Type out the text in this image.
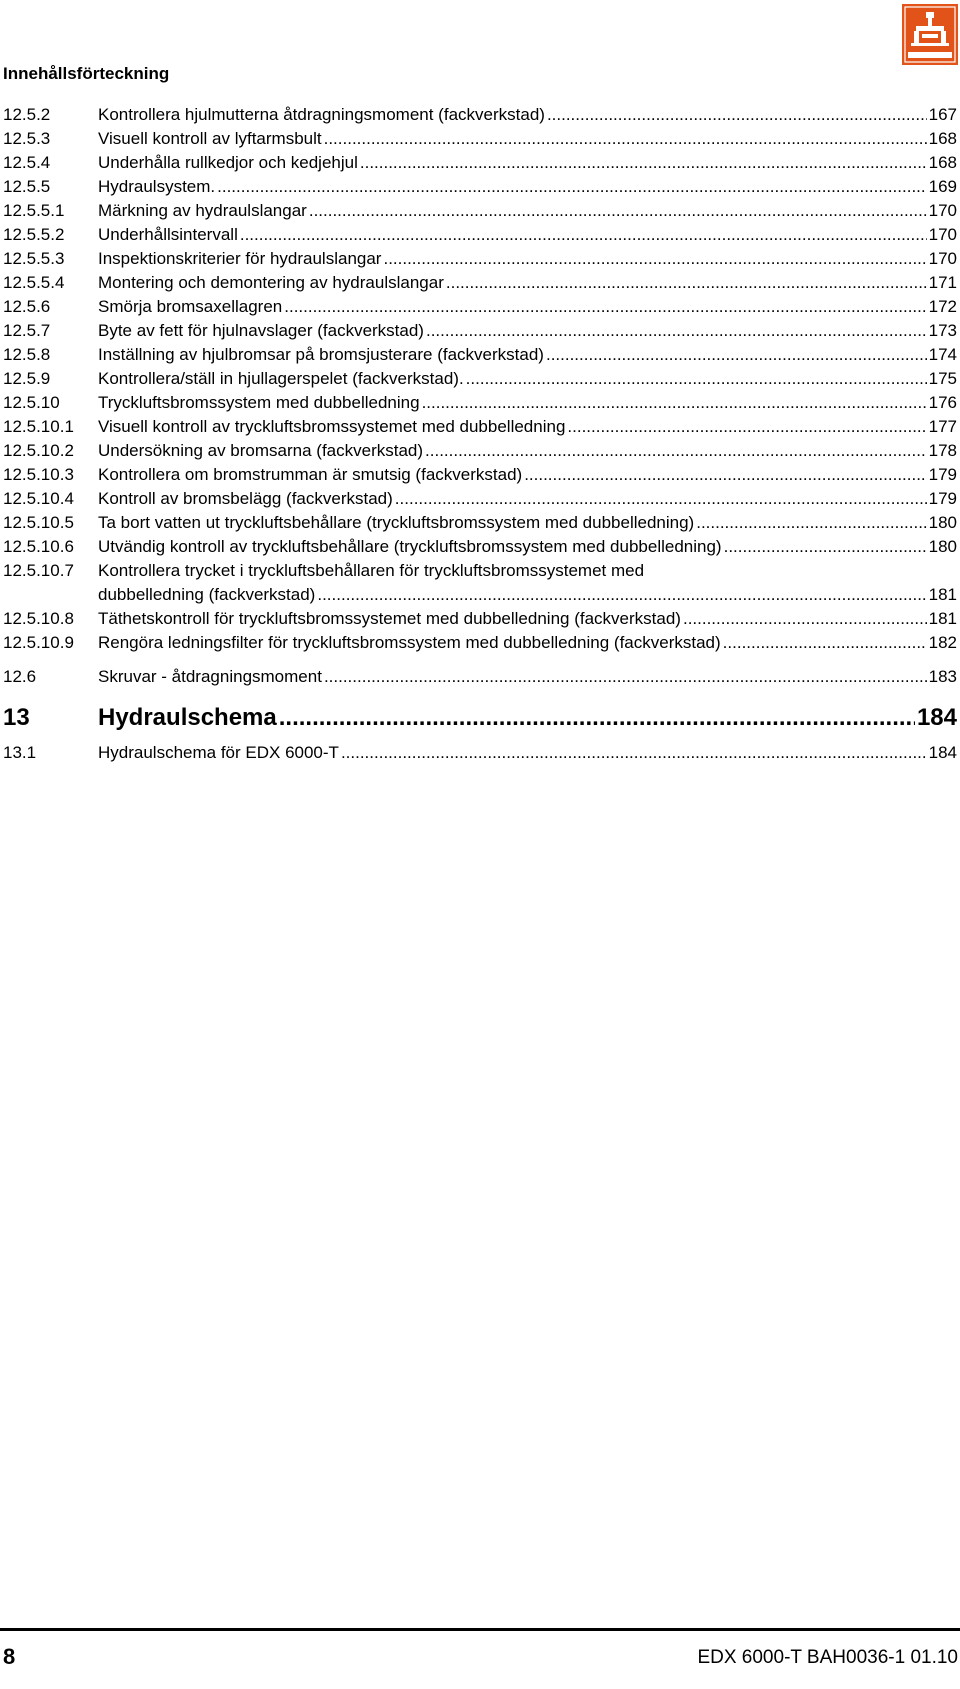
Innehållsförteckning
12.5.2	Kontrollera hjulmutterna åtdragningsmoment (fackverkstad) .....	167
12.5.3	Visuell kontroll av lyftarmsbult .....	168
12.5.4	Underhålla rullkedjor och kedjehjul .....	168
12.5.5	Hydraulsystem. .....	169
12.5.5.1 Märkning av hydraulslangar .....	170
12.5.5.2 Underhållsintervall .....	170
12.5.5.3 Inspektionskriterier för hydraulslangar .....	170
12.5.5.4 Montering och demontering av hydraulslangar .....	171
12.5.6	Smörja bromsaxellagren .....	172
12.5.7	Byte av fett för hjulnavslager (fackverkstad) .....	173
12.5.8	Inställning av hjulbromsar på bromsjusterare (fackverkstad) .....	174
12.5.9	Kontrollera/ställ in hjullagerspelet (fackverkstad). .....	175
12.5.10 Tryckluftsbromssystem med dubbelledning .....	176
12.5.10.1 Visuell kontroll av tryckluftsbromssystemet med dubbelledning .....	177
12.5.10.2 Undersökning av bromsarna (fackverkstad) .....	178
12.5.10.3 Kontrollera om bromstrumman är smutsig (fackverkstad) .....	179
12.5.10.4 Kontroll av bromsbelägg (fackverkstad) .....	179
12.5.10.5 Ta bort vatten ut tryckluftsbehållare (tryckluftsbromssystem med dubbelledning) .....	180
12.5.10.6 Utvändig kontroll av tryckluftsbehållare (tryckluftsbromssystem med dubbelledning) .....	180
12.5.10.7 Kontrollera trycket i tryckluftsbehållaren för tryckluftsbromssystemet med
dubbelledning (fackverkstad) .....	181
12.5.10.8 Täthetskontroll för tryckluftsbromssystemet med dubbelledning (fackverkstad) .....	181
12.5.10.9 Rengöra ledningsfilter för tryckluftsbromssystem med dubbelledning (fackverkstad) .....	182
12.6	Skruvar - åtdragningsmoment .....	183
13	Hydraulschema .....	184
13.1	Hydraulschema för EDX 6000-T .....	184
8	EDX 6000-T BAH0036-1 01.10
